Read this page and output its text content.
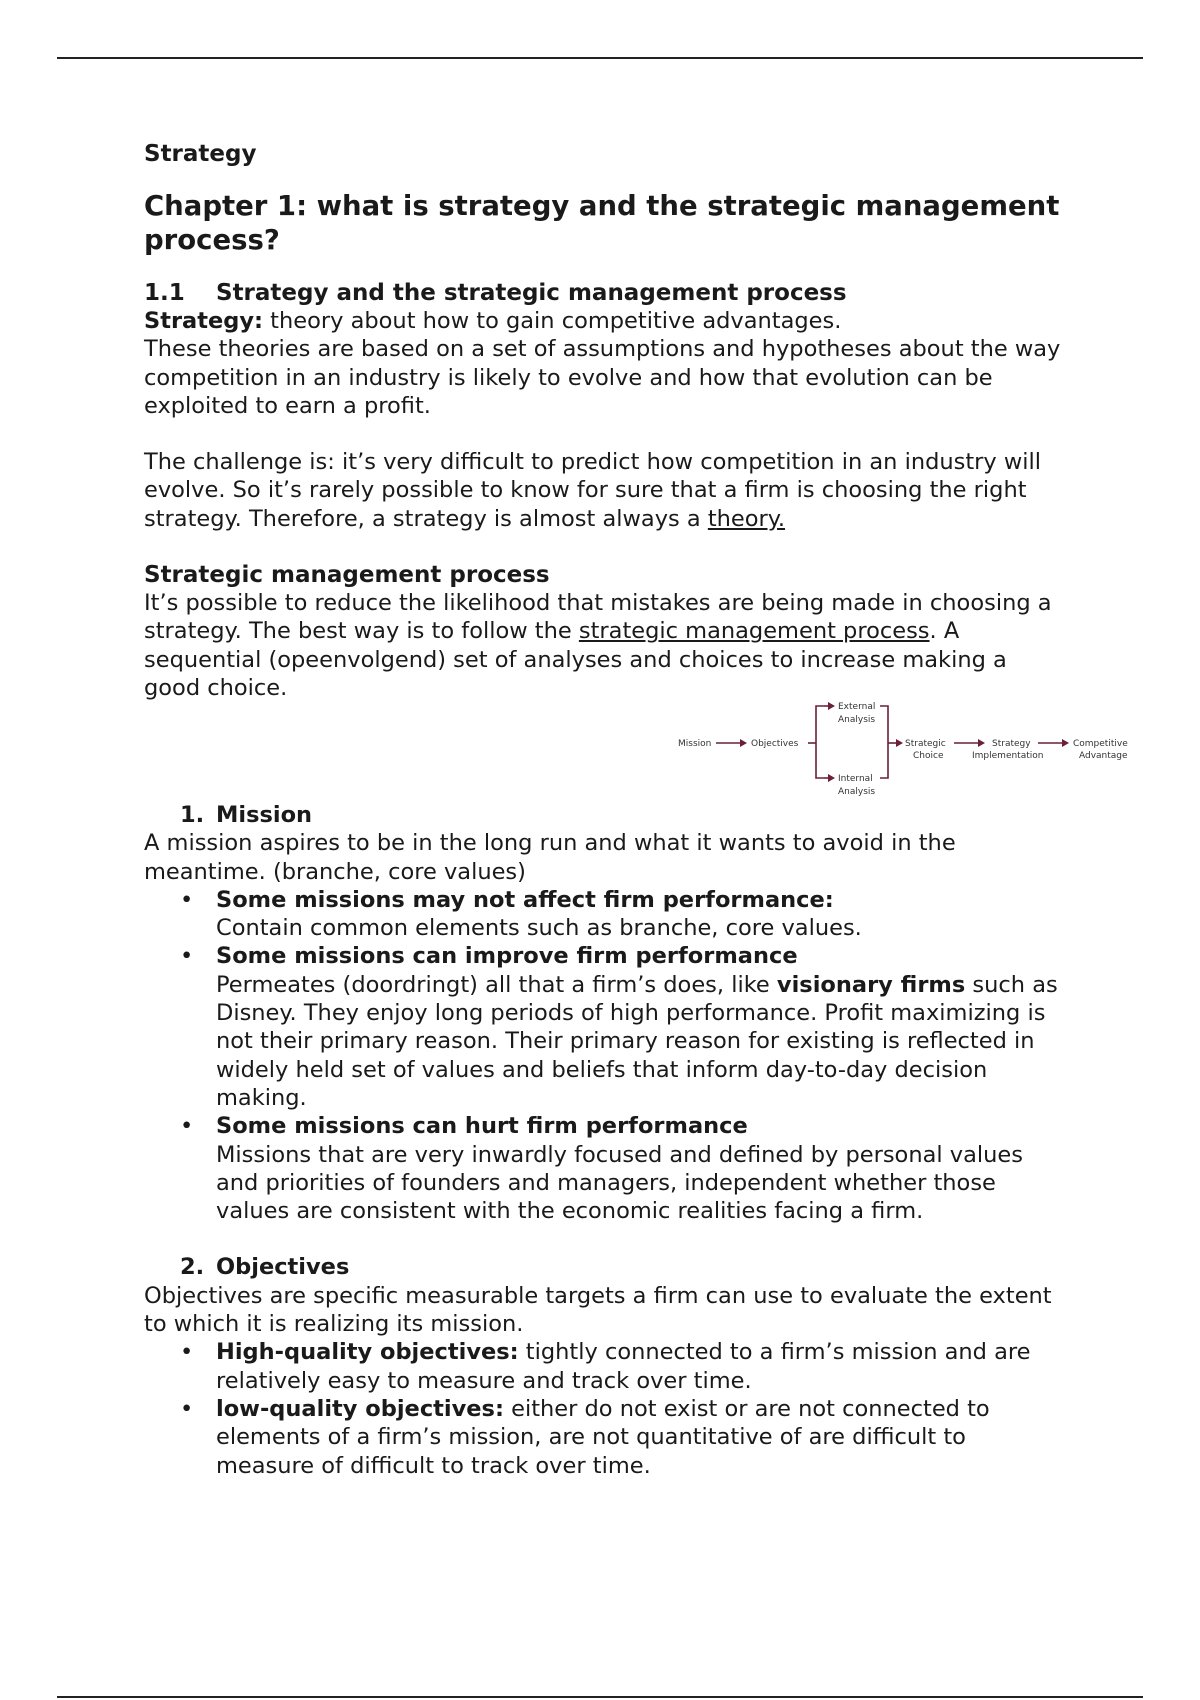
Strategy

Chapter 1: what is strategy and the strategic management process?

1.1 Strategy and the strategic management process

Strategy: theory about how to gain competitive advantages.

These theories are based on a set of assumptions and hypotheses about the way competition in an industry is likely to evolve and how that evolution can be exploited to earn a profit.

The challenge is: it’s very difficult to predict how competition in an industry will evolve. So it’s rarely possible to know for sure that a firm is choosing the right strategy. Therefore, a strategy is almost always a theory.

Strategic management process

It’s possible to reduce the likelihood that mistakes are being made in choosing a strategy. The best way is to follow the strategic management process. A sequential (opeenvolgend) set of analyses and choices to increase making a good choice.

Mission	Objectives
External
Analysis
Internal
Analysis
Strategic
Choice
Strategy
Implementation
Competitive
Advantage

1. Mission

A mission aspires to be in the long run and what it wants to avoid in the meantime. (branche, core values)

• Some missions may not affect firm performance:
Contain common elements such as branche, core values.
• Some missions can improve firm performance
Permeates (doordringt) all that a firm’s does, like visionary firms such as Disney. They enjoy long periods of high performance. Profit maximizing is not their primary reason. Their primary reason for existing is reflected in widely held set of values and beliefs that inform day-to-day decision making.
• Some missions can hurt firm performance
Missions that are very inwardly focused and defined by personal values and priorities of founders and managers, independent whether those values are consistent with the economic realities facing a firm.

2. Objectives

Objectives are specific measurable targets a firm can use to evaluate the extent to which it is realizing its mission.

• High-quality objectives: tightly connected to a firm’s mission and are relatively easy to measure and track over time.
• low-quality objectives: either do not exist or are not connected to elements of a firm’s mission, are not quantitative of are difficult to measure of difficult to track over time.
